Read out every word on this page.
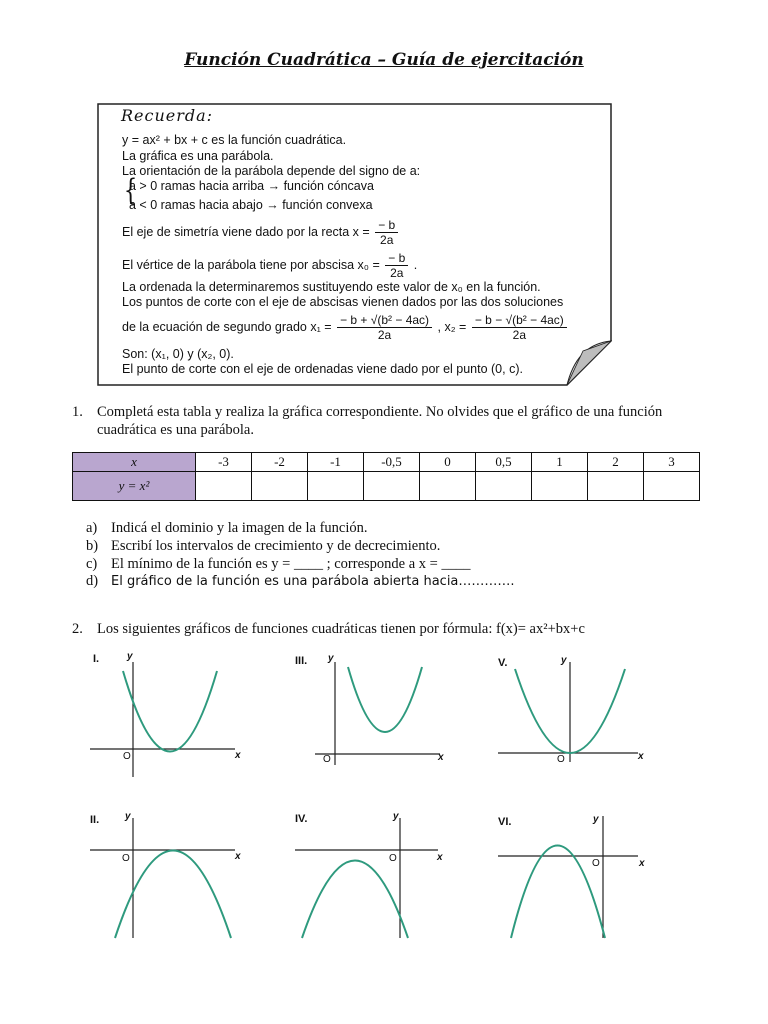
Función Cuadrática – Guía de ejercitación
Recuerda:
y = ax² + bx + c es la función cuadrática.
La gráfica es una parábola.
La orientación de la parábola depende del signo de a:
{
a > 0 ramas hacia arriba → función cóncava
a < 0 ramas hacia abajo → función convexa
El eje de simetría viene dado por la recta $x = \frac{- b}{2a}$
El vértice de la parábola tiene por abscisa $x_0 = \frac{- b}{2a}$ .
La ordenada la determinaremos sustituyendo este valor de x₀ en la función.
Los puntos de corte con el eje de abscisas vienen dados por las dos soluciones
de la ecuación de segundo grado $x_1 = \frac{\text{− b + √(b² − 4ac)}}{2a}$ , $x_2 = \frac{\text{− b − √(b² − 4ac)}}{2a}$
Son: (x₁, 0) y (x₂, 0).
El punto de corte con el eje de ordenadas viene dado por el punto (0, c).
1. Completá esta tabla y realiza la gráfica correspondiente. No olvides que el gráfico de una función cuadrática es una parábola.
x	-3	-2	-1	-0,5	0	0,5	1	2	3
y = x²									
a) Indicá el dominio y la imagen de la función.
b) Escribí los intervalos de crecimiento y de decrecimiento.
c) El mínimo de la función es y = ____ ; corresponde a x = ____
d) El gráfico de la función es una parábola abierta hacia………….
2. Los siguientes gráficos de funciones cuadráticas tienen por fórmula: f(x)= ax²+bx+c
I.	y
x
O
III. y
x
O
V.	y
x
O
II.	y
x
O
IV.	y
x
O
VI.	y
x
O
